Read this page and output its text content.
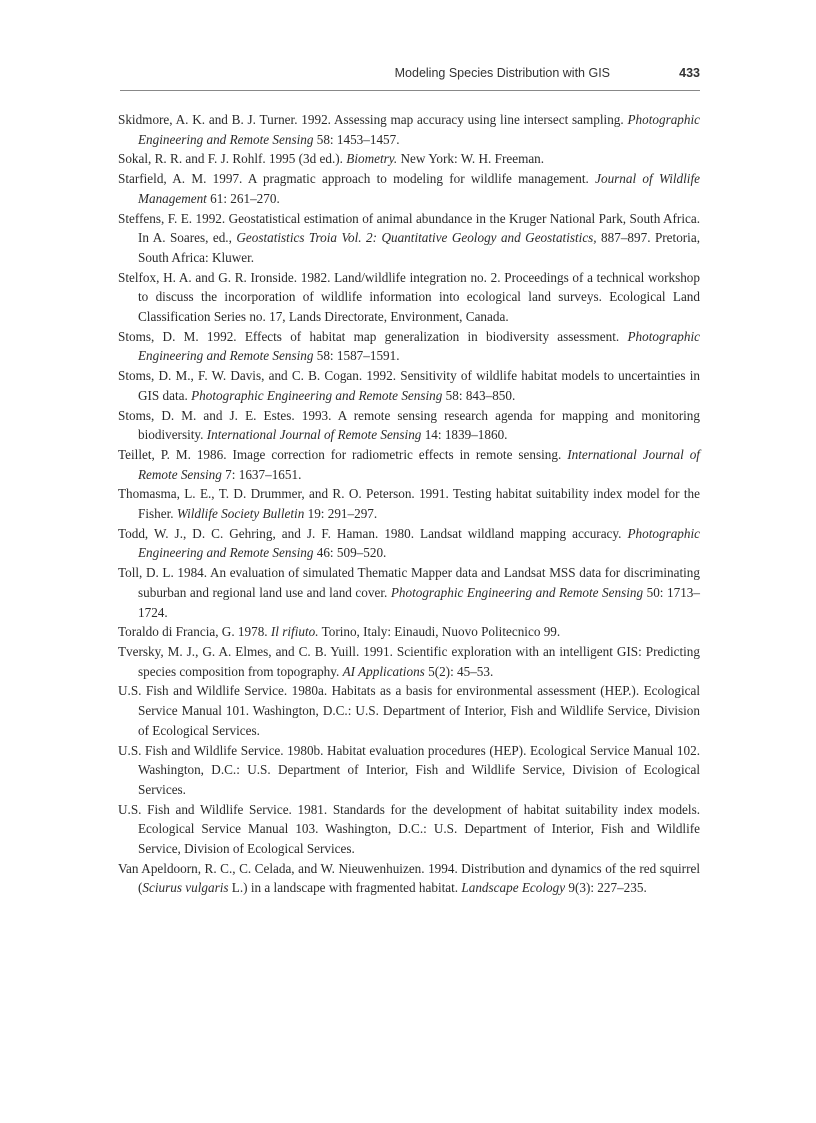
Modeling Species Distribution with GIS	433
Skidmore, A. K. and B. J. Turner. 1992. Assessing map accuracy using line intersect sampling. Photographic Engineering and Remote Sensing 58: 1453–1457.
Sokal, R. R. and F. J. Rohlf. 1995 (3d ed.). Biometry. New York: W. H. Freeman.
Starfield, A. M. 1997. A pragmatic approach to modeling for wildlife management. Journal of Wildlife Management 61: 261–270.
Steffens, F. E. 1992. Geostatistical estimation of animal abundance in the Kruger National Park, South Africa. In A. Soares, ed., Geostatistics Troia Vol. 2: Quantitative Geology and Geostatistics, 887–897. Pretoria, South Africa: Kluwer.
Stelfox, H. A. and G. R. Ironside. 1982. Land/wildlife integration no. 2. Proceedings of a technical workshop to discuss the incorporation of wildlife information into ecological land surveys. Ecological Land Classification Series no. 17, Lands Directorate, Environment, Canada.
Stoms, D. M. 1992. Effects of habitat map generalization in biodiversity assessment. Photographic Engineering and Remote Sensing 58: 1587–1591.
Stoms, D. M., F. W. Davis, and C. B. Cogan. 1992. Sensitivity of wildlife habitat models to uncertainties in GIS data. Photographic Engineering and Remote Sensing 58: 843–850.
Stoms, D. M. and J. E. Estes. 1993. A remote sensing research agenda for mapping and monitoring biodiversity. International Journal of Remote Sensing 14: 1839–1860.
Teillet, P. M. 1986. Image correction for radiometric effects in remote sensing. International Journal of Remote Sensing 7: 1637–1651.
Thomasma, L. E., T. D. Drummer, and R. O. Peterson. 1991. Testing habitat suitability index model for the Fisher. Wildlife Society Bulletin 19: 291–297.
Todd, W. J., D. C. Gehring, and J. F. Haman. 1980. Landsat wildland mapping accuracy. Photographic Engineering and Remote Sensing 46: 509–520.
Toll, D. L. 1984. An evaluation of simulated Thematic Mapper data and Landsat MSS data for discriminating suburban and regional land use and land cover. Photographic Engineering and Remote Sensing 50: 1713–1724.
Toraldo di Francia, G. 1978. Il rifiuto. Torino, Italy: Einaudi, Nuovo Politecnico 99.
Tversky, M. J., G. A. Elmes, and C. B. Yuill. 1991. Scientific exploration with an intelligent GIS: Predicting species composition from topography. AI Applications 5(2): 45–53.
U.S. Fish and Wildlife Service. 1980a. Habitats as a basis for environmental assessment (HEP.). Ecological Service Manual 101. Washington, D.C.: U.S. Department of Interior, Fish and Wildlife Service, Division of Ecological Services.
U.S. Fish and Wildlife Service. 1980b. Habitat evaluation procedures (HEP). Ecological Service Manual 102. Washington, D.C.: U.S. Department of Interior, Fish and Wildlife Service, Division of Ecological Services.
U.S. Fish and Wildlife Service. 1981. Standards for the development of habitat suitability index models. Ecological Service Manual 103. Washington, D.C.: U.S. Department of Interior, Fish and Wildlife Service, Division of Ecological Services.
Van Apeldoorn, R. C., C. Celada, and W. Nieuwenhuizen. 1994. Distribution and dynamics of the red squirrel (Sciurus vulgaris L.) in a landscape with fragmented habitat. Landscape Ecology 9(3): 227–235.
